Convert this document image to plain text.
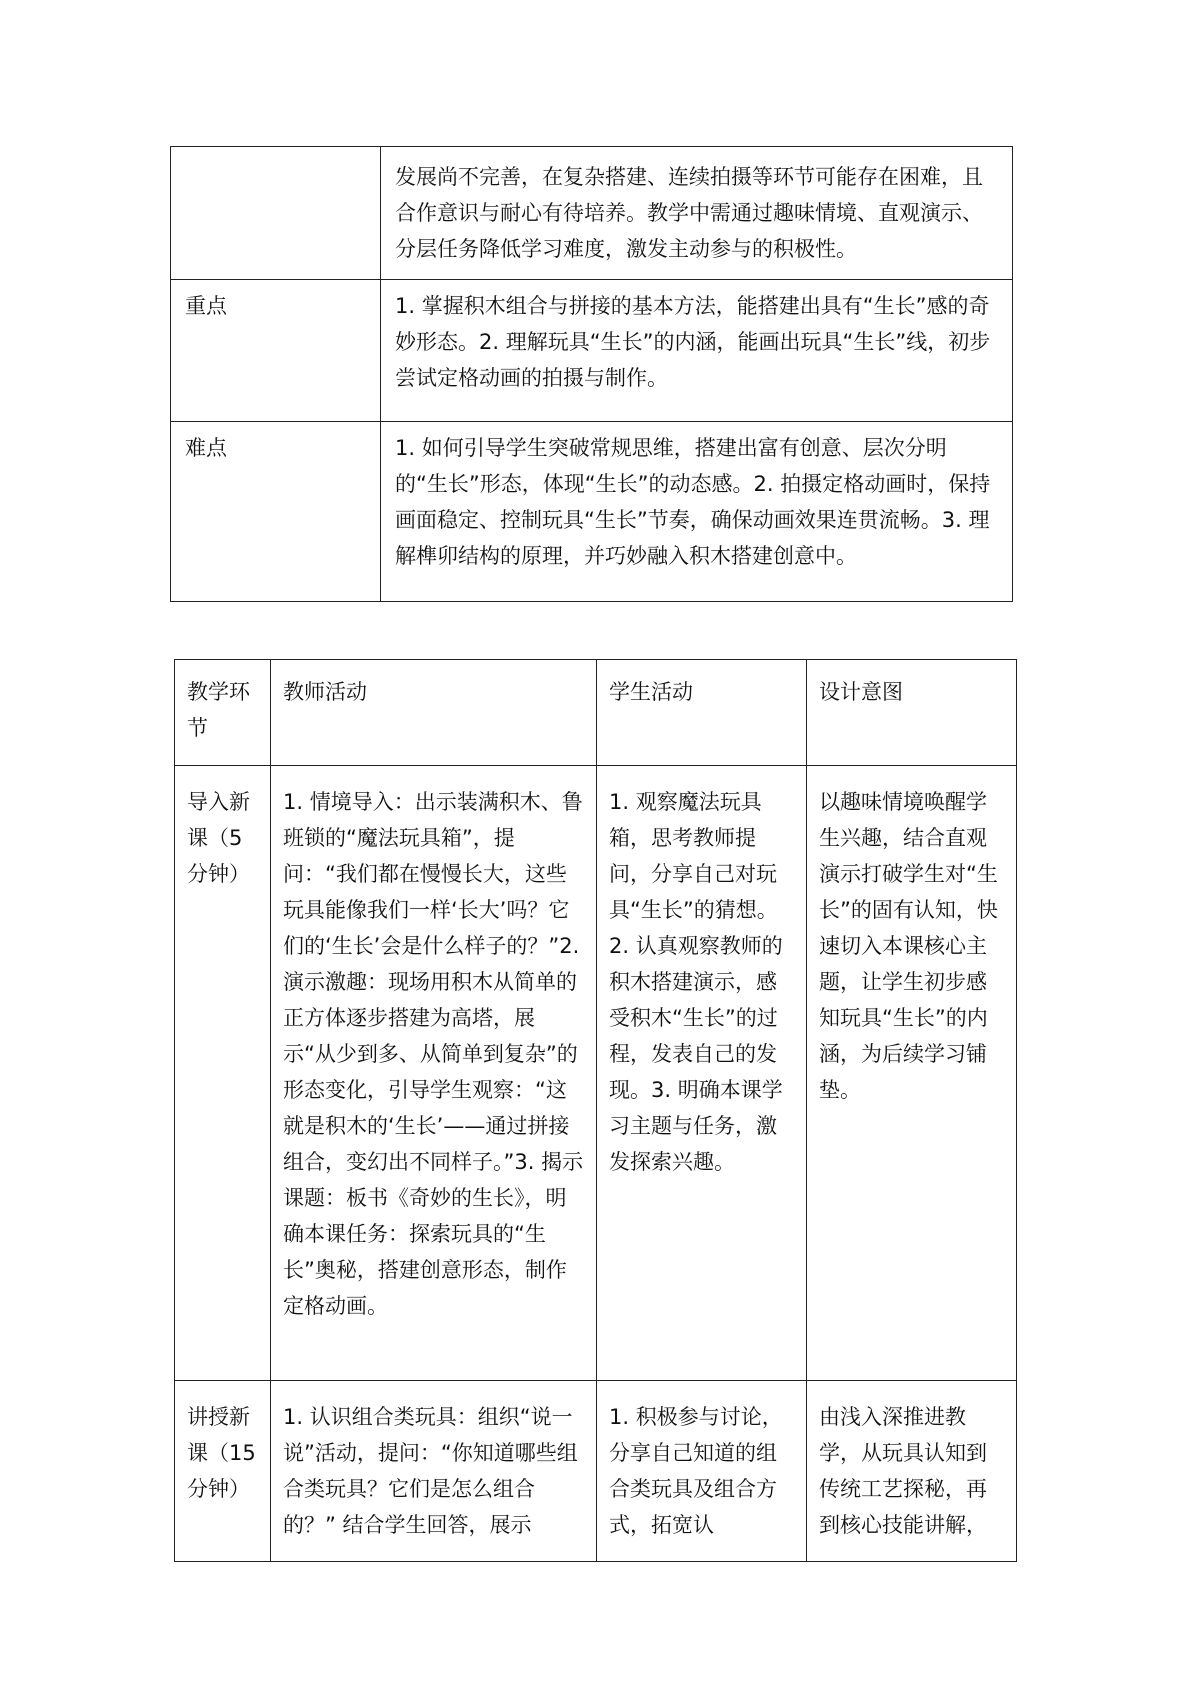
	发展尚不完善，在复杂搭建、连续拍摄等环节可能存在困难，且合作意识与耐心有待培养。教学中需通过趣味情境、直观演示、分层任务降低学习难度，激发主动参与的积极性。
重点	1. 掌握积木组合与拼接的基本方法，能搭建出具有“生长”感的奇妙形态。2. 理解玩具“生长”的内涵，能画出玩具“生长”线，初步尝试定格动画的拍摄与制作。
难点	1. 如何引导学生突破常规思维，搭建出富有创意、层次分明的“生长”形态，体现“生长”的动态感。2. 拍摄定格动画时，保持画面稳定、控制玩具“生长”节奏，确保动画效果连贯流畅。3. 理解榫卯结构的原理，并巧妙融入积木搭建创意中。
教学环节	教师活动	学生活动	设计意图
导入新课（5分钟）	1. 情境导入：出示装满积木、鲁班锁的“魔法玩具箱”，提问：“我们都在慢慢长大，这些玩具能像我们一样‘长大’吗？它们的‘生长’会是什么样子的？”2. 演示激趣：现场用积木从简单的正方体逐步搭建为高塔，展示“从少到多、从简单到复杂”的形态变化，引导学生观察：“这就是积木的‘生长’——通过拼接组合，变幻出不同样子。”3. 揭示课题：板书《奇妙的生长》，明确本课任务：探索玩具的“生长”奥秘，搭建创意形态，制作定格动画。	1. 观察魔法玩具箱，思考教师提问，分享自己对玩具“生长”的猜想。2. 认真观察教师的积木搭建演示，感受积木“生长”的过程，发表自己的发现。3. 明确本课学习主题与任务，激发探索兴趣。	以趣味情境唤醒学生兴趣，结合直观演示打破学生对“生长”的固有认知，快速切入本课核心主题，让学生初步感知玩具“生长”的内涵，为后续学习铺垫。
讲授新课（15分钟）	1. 认识组合类玩具：组织“说一说”活动，提问：“你知道哪些组合类玩具？它们是怎么组合的？” 结合学生回答，展示	1. 积极参与讨论，分享自己知道的组合类玩具及组合方式，拓宽认	由浅入深推进教学，从玩具认知到传统工艺探秘，再到核心技能讲解，
